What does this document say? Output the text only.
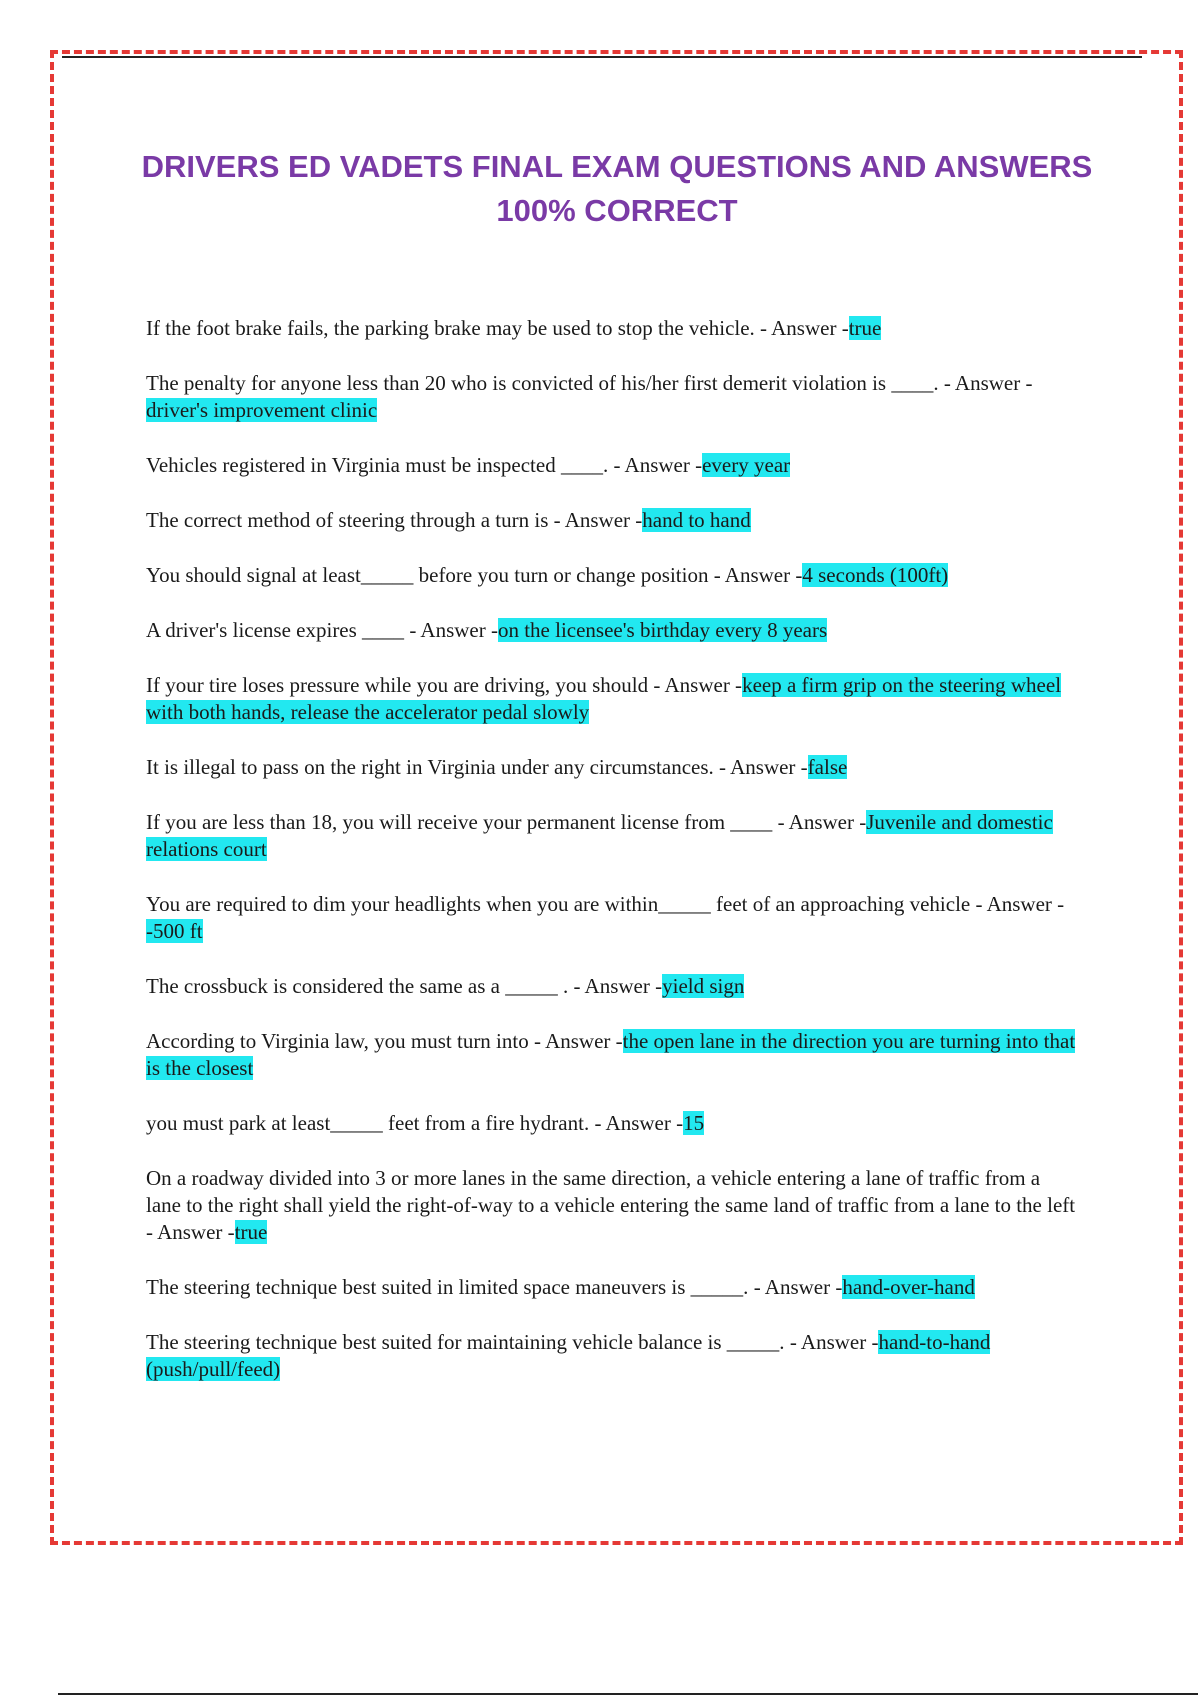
DRIVERS ED VADETS FINAL EXAM QUESTIONS AND ANSWERS 100% CORRECT
If the foot brake fails, the parking brake may be used to stop the vehicle. - Answer -true
The penalty for anyone less than 20 who is convicted of his/her first demerit violation is ____. - Answer -driver's improvement clinic
Vehicles registered in Virginia must be inspected ____. - Answer -every year
The correct method of steering through a turn is - Answer -hand to hand
You should signal at least_____ before you turn or change position - Answer -4 seconds (100ft)
A driver's license expires ____ - Answer -on the licensee's birthday every 8 years
If your tire loses pressure while you are driving, you should - Answer -keep a firm grip on the steering wheel with both hands, release the accelerator pedal slowly
It is illegal to pass on the right in Virginia under any circumstances. - Answer -false
If you are less than 18, you will receive your permanent license from ____ - Answer -Juvenile and domestic relations court
You are required to dim your headlights when you are within_____ feet of an approaching vehicle - Answer --500 ft
The crossbuck is considered the same as a _____ . - Answer -yield sign
According to Virginia law, you must turn into - Answer -the open lane in the direction you are turning into that is the closest
you must park at least_____ feet from a fire hydrant. - Answer -15
On a roadway divided into 3 or more lanes in the same direction, a vehicle entering a lane of traffic from a lane to the right shall yield the right-of-way to a vehicle entering the same land of traffic from a lane to the left - Answer -true
The steering technique best suited in limited space maneuvers is _____. - Answer -hand-over-hand
The steering technique best suited for maintaining vehicle balance is _____. - Answer -hand-to-hand (push/pull/feed)
